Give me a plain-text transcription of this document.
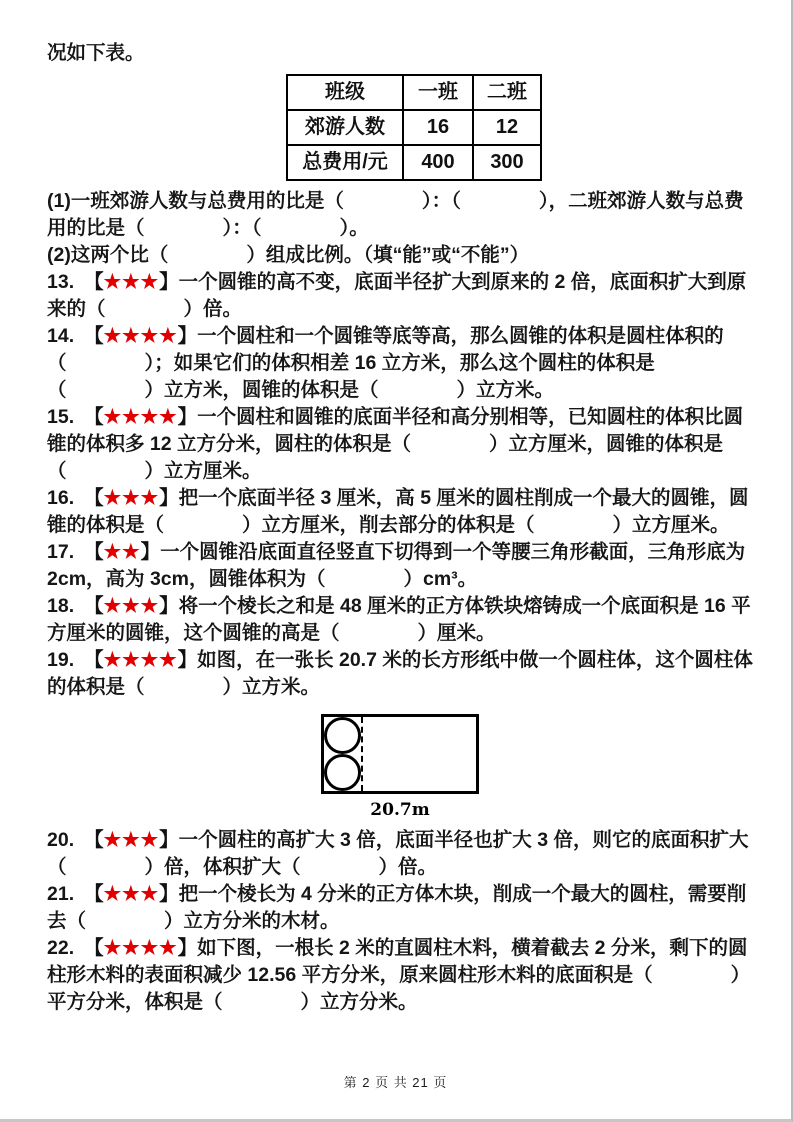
况如下表。

班级	一班	二班
郊游人数	16	12
总费用/元	400	300

(1)一班郊游人数与总费用的比是（　　　　）：（　　　　），二班郊游人数与总费用的比是（　　　　）：（　　　　）。

(2)这两个比（　　　　）组成比例。（填“能”或“不能”）

13. 【★★★】一个圆锥的高不变，底面半径扩大到原来的 2 倍，底面积扩大到原来的（　　　　）倍。

14. 【★★★★】一个圆柱和一个圆锥等底等高，那么圆锥的体积是圆柱体积的（　　　　）；如果它们的体积相差 16 立方米，那么这个圆柱的体积是（　　　　）立方米，圆锥的体积是（　　　　）立方米。

15. 【★★★★】一个圆柱和圆锥的底面半径和高分别相等，已知圆柱的体积比圆锥的体积多 12 立方分米，圆柱的体积是（　　　　）立方厘米，圆锥的体积是（　　　　）立方厘米。

16. 【★★★】把一个底面半径 3 厘米，高 5 厘米的圆柱削成一个最大的圆锥，圆锥的体积是（　　　　）立方厘米，削去部分的体积是（　　　　）立方厘米。

17. 【★★】一个圆锥沿底面直径竖直下切得到一个等腰三角形截面，三角形底为 2cm，高为 3cm，圆锥体积为（　　　　）cm³。

18. 【★★★】将一个棱长之和是 48 厘米的正方体铁块熔铸成一个底面积是 16 平方厘米的圆锥，这个圆锥的高是（　　　　）厘米。

19. 【★★★★】如图，在一张长 20.7 米的长方形纸中做一个圆柱体，这个圆柱体的体积是（　　　　）立方米。

20.7m

20. 【★★★】一个圆柱的高扩大 3 倍，底面半径也扩大 3 倍，则它的底面积扩大（　　　　）倍，体积扩大（　　　　）倍。

21. 【★★★】把一个棱长为 4 分米的正方体木块，削成一个最大的圆柱，需要削去（　　　　）立方分米的木材。

22. 【★★★★】如下图，一根长 2 米的直圆柱木料，横着截去 2 分米，剩下的圆柱形木料的表面积减少 12.56 平方分米，原来圆柱形木料的底面积是（　　　　）平方分米，体积是（　　　　）立方分米。

第 2 页 共 21 页
